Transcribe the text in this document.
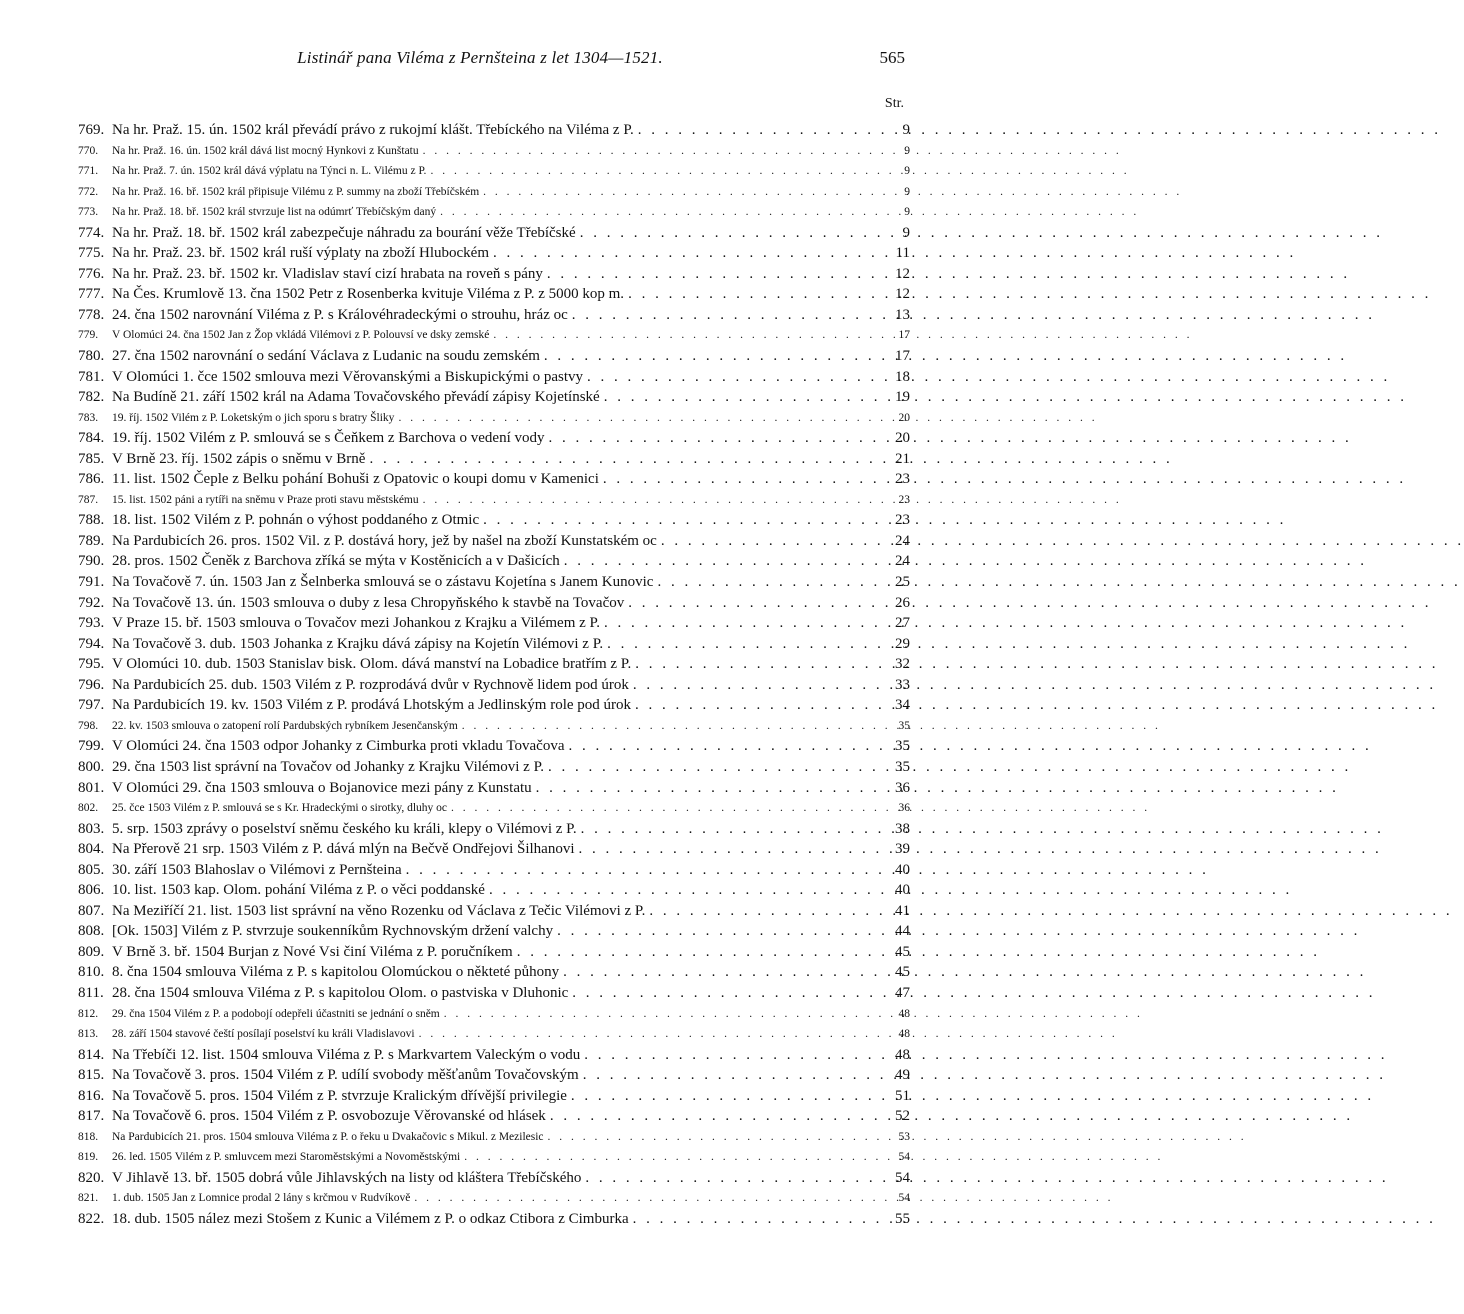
Listinář pana Viléma z Pernšteina z let 1304—1521.	565
Str.
769. Na hr. Praž. 15. ún. 1502 král převádí právo z rukojmí klášt. Třebíckého na Viléma z P. . . .	9
770.	Na hr. Praž. 16. ún. 1502 král dává list mocný Hynkovi z Kunštatu . . .	9
771.	Na hr. Praž. 7. ún. 1502 král dává výplatu na Týnci n. L. Vilému z P. . . .	9
772.	Na hr. Praž. 16. bř. 1502 král připisuje Vilému z P. summy na zboží Třebíčském . . .	9
773.	Na hr. Praž. 18. bř. 1502 král stvrzuje list na odúmrť Třebíčským daný . . .	9
774. Na hr. Praž. 18. bř. 1502 král zabezpečuje náhradu za bourání věže Třebíčské . . .	9
775. Na hr. Praž. 23. bř. 1502 král ruší výplaty na zboží Hlubockém . . .	11
776. Na hr. Praž. 23. bř. 1502 kr. Vladislav staví cizí hrabata na roveň s pány . . .	12
777. Na Čes. Krumlově 13. čna 1502 Petr z Rosenberka kvituje Viléma z P. z 5000 kop m. . . .	12
778. 24. čna 1502 narovnání Viléma z P. s Královéhradeckými o strouhu, hráz oc . . .	13
779.	V Olomúci 24. čna 1502 Jan z Žop vkládá Vilémovi z P. Polouvsí ve dsky zemské . . .	17
780. 27. čna 1502 narovnání o sedání Václava z Ludanic na soudu zemském . . .	17
781. V Olomúci 1. čce 1502 smlouva mezi Věrovanskými a Biskupickými o pastvy . . .	18
782. Na Budíně 21. září 1502 král na Adama Tovačovského převádí zápisy Kojetínské . . .	19
783.	19. říj. 1502 Vilém z P. Loketským o jich sporu s bratry Šliky . . .	20
784. 19. říj. 1502 Vilém z P. smlouvá se s Čeňkem z Barchova o vedení vody . . .	20
785. V Brně 23. říj. 1502 zápis o sněmu v Brně . . .	21
786. 11. list. 1502 Čeple z Belku pohání Bohuši z Opatovic o koupi domu v Kamenici . . .	23
787.	15. list. 1502 páni a rytíři na sněmu v Praze proti stavu městskému . . .	23
788. 18. list. 1502 Vilém z P. pohnán o výhost poddaného z Otmic . . .	23
789. Na Pardubicích 26. pros. 1502 Vil. z P. dostává hory, jež by našel na zboží Kunstatském oc . . .	24
790. 28. pros. 1502 Čeněk z Barchova zříká se mýta v Kostěnicích a v Dašicích . . .	24
791. Na Tovačově 7. ún. 1503 Jan z Šelnberka smlouvá se o zástavu Kojetína s Janem Kunovic . . .	25
792. Na Tovačově 13. ún. 1503 smlouva o duby z lesa Chropyňského k stavbě na Tovačov . . .	26
793. V Praze 15. bř. 1503 smlouva o Tovačov mezi Johankou z Krajku a Vilémem z P. . . .	27
794. Na Tovačově 3. dub. 1503 Johanka z Krajku dává zápisy na Kojetín Vilémovi z P. . . .	29
795. V Olomúci 10. dub. 1503 Stanislav bisk. Olom. dává manství na Lobadice bratřím z P. . . .	32
796. Na Pardubicích 25. dub. 1503 Vilém z P. rozprodává dvůr v Rychnově lidem pod úrok . . .	33
797. Na Pardubicích 19. kv. 1503 Vilém z P. prodává Lhotským a Jedlinským role pod úrok . . .	34
798.	22. kv. 1503 smlouva o zatopení rolí Pardubských rybníkem Jesenčanským . . .	35
799. V Olomúci 24. čna 1503 odpor Johanky z Cimburka proti vkladu Tovačova . . .	35
800. 29. čna 1503 list správní na Tovačov od Johanky z Krajku Vilémovi z P. . . .	35
801. V Olomúci 29. čna 1503 smlouva o Bojanovice mezi pány z Kunstatu . . .	36
802.	25. čce 1503 Vilém z P. smlouvá se s Kr. Hradeckými o sirotky, dluhy oc . . .	36
803. 5. srp. 1503 zprávy o poselství sněmu českého ku králi, klepy o Vilémovi z P. . . .	38
804. Na Přerově 21 srp. 1503 Vilém z P. dává mlýn na Bečvě Ondřejovi Šilhanovi . . .	39
805. 30. září 1503 Blahoslav o Vilémovi z Pernšteina . . .	40
806. 10. list. 1503 kap. Olom. pohání Viléma z P. o věci poddanské . . .	40
807. Na Meziříčí 21. list. 1503 list správní na věno Rozenku od Václava z Tečic Vilémovi z P. . . .	41
808. [Ok. 1503] Vilém z P. stvrzuje soukenníkům Rychnovským držení valchy . . .	44
809. V Brně 3. bř. 1504 Burjan z Nové Vsi činí Viléma z P. poručníkem . . .	45
810. 8. čna 1504 smlouva Viléma z P. s kapitolou Olomúckou o někteté půhony . . .	45
811. 28. čna 1504 smlouva Viléma z P. s kapitolou Olom. o pastviska v Dluhonic . . .	47
812.	29. čna 1504 Vilém z P. a podobojí odepřeli účastniti se jednání o sněm . . .	48
813.	28. září 1504 stavové čeští posílají poselství ku králi Vladislavovi . . .	48
814. Na Třebíči 12. list. 1504 smlouva Viléma z P. s Markvartem Valeckým o vodu . . .	48
815. Na Tovačově 3. pros. 1504 Vilém z P. udílí svobody měšťanům Tovačovským . . .	49
816. Na Tovačově 5. pros. 1504 Vilém z P. stvrzuje Kralickým dřívější privilegie . . .	51
817. Na Tovačově 6. pros. 1504 Vilém z P. osvobozuje Věrovanské od hlásek . . .	52
818.	Na Pardubicích 21. pros. 1504 smlouva Viléma z P. o řeku u Dvakačovic s Mikul. z Mezilesic . . .	53
819.	26. led. 1505 Vilém z P. smluvcem mezi Staroměstskými a Novoměstskými . . .	54
820. V Jihlavě 13. bř. 1505 dobrá vůle Jihlavských na listy od kláštera Třebíčského . . .	54
821.	1. dub. 1505 Jan z Lomnice prodal 2 lány s krčmou v Rudvíkově . . .	54
822. 18. dub. 1505 nález mezi Stošem z Kunic a Vilémem z P. o odkaz Ctibora z Cimburka . . .	55
